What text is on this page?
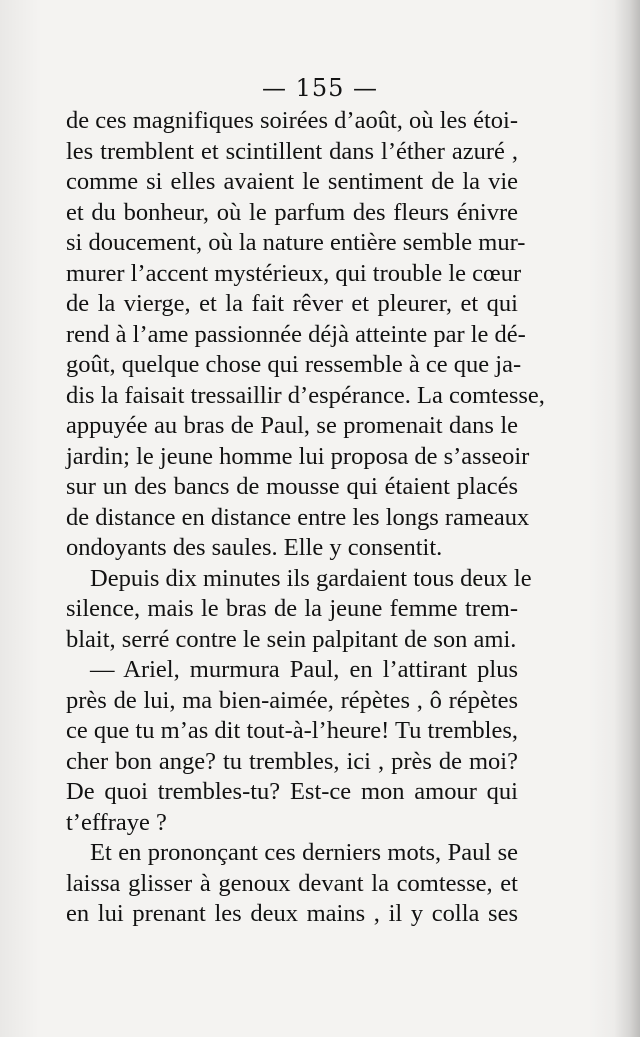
— 155 —
de ces magnifiques soirées d’août, où les étoi-
les tremblent et scintillent dans l’éther azuré ,
comme si elles avaient le sentiment de la vie
et du bonheur, où le parfum des fleurs énivre
si doucement, où la nature entière semble mur-
murer l’accent mystérieux, qui trouble le cœur
de la vierge, et la fait rêver et pleurer, et qui
rend à l’ame passionnée déjà atteinte par le dé-
goût, quelque chose qui ressemble à ce que ja-
dis la faisait tressaillir d’espérance. La comtesse,
appuyée au bras de Paul, se promenait dans le
jardin; le jeune homme lui proposa de s’asseoir
sur un des bancs de mousse qui étaient placés
de distance en distance entre les longs rameaux
ondoyants des saules. Elle y consentit.
Depuis dix minutes ils gardaient tous deux le
silence, mais le bras de la jeune femme trem-
blait, serré contre le sein palpitant de son ami.
— Ariel, murmura Paul, en l’attirant plus
près de lui, ma bien-aimée, répètes , ô répètes
ce que tu m’as dit tout-à-l’heure! Tu trembles,
cher bon ange? tu trembles, ici , près de moi?
De quoi trembles-tu? Est-ce mon amour qui
t’effraye ?
Et en prononçant ces derniers mots, Paul se
laissa glisser à genoux devant la comtesse, et
en lui prenant les deux mains , il y colla ses
